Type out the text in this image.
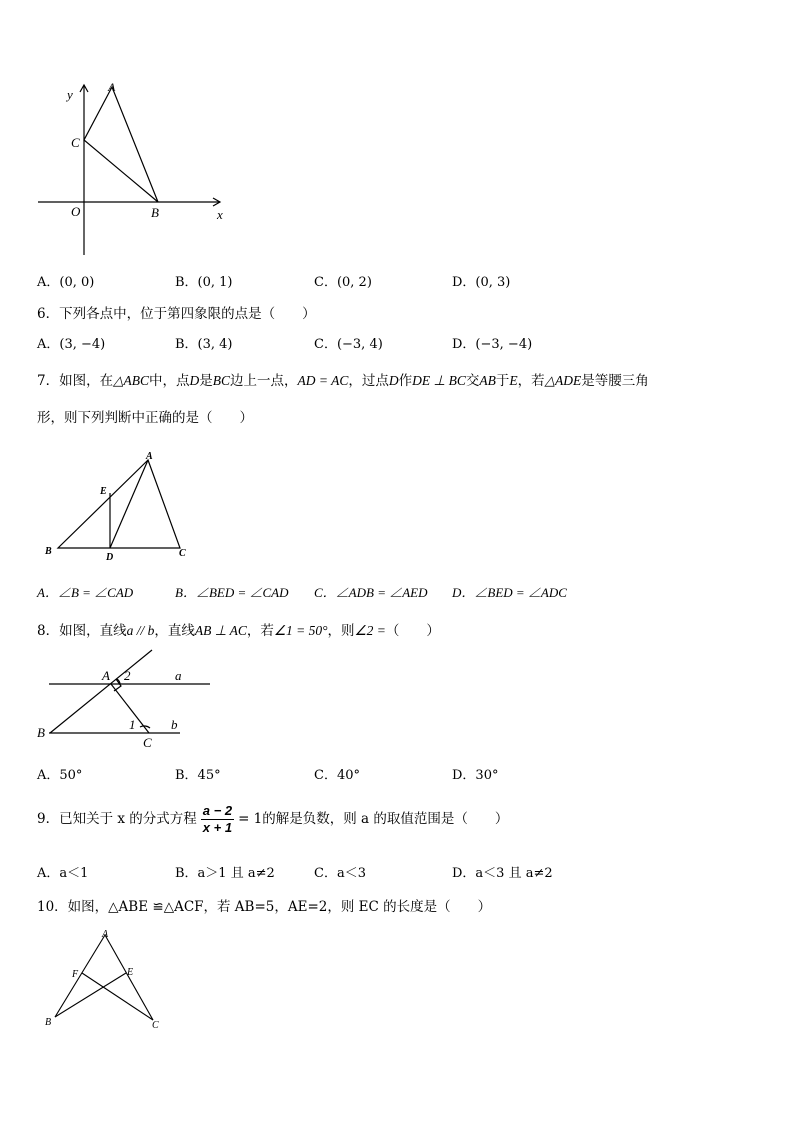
y	A
C
O	B	x
A．(0, 0)	B．(0, 1)	C．(0, 2)	D．(0, 3)
6．下列各点中，位于第四象限的点是（　　）
A．(3, −4)	B．(3, 4)	C．(−3, 4)	D．(−3, −4)
7．如图，在△ABC中，点D是BC边上一点，AD = AC，过点D作DE ⊥ BC交AB于E，若△ADE是等腰三角
形，则下列判断中正确的是（　　）
A
E
B
D	C
A．∠B = ∠CAD	B．∠BED = ∠CAD C．∠ADB = ∠AED D．∠BED = ∠ADC
8．如图，直线a // b，直线AB ⊥ AC，若∠1 = 50°，则∠2 =（　　）
A 2	a
B
1
C
b
A．50°	B．45°	C．40°	D．30°
9．已知关于 x 的分式方程 $\frac{a - 2}{x + 1} = 1$的解是负数，则 a 的取值范围是（　　）
A．a＜1	B．a＞1 且 a≠2	C．a＜3	D．a＜3 且 a≠2
10．如图，△ABE ≌△ACF，若 AB=5，AE=2，则 EC 的长度是（　　）
A
F	E
B	C
